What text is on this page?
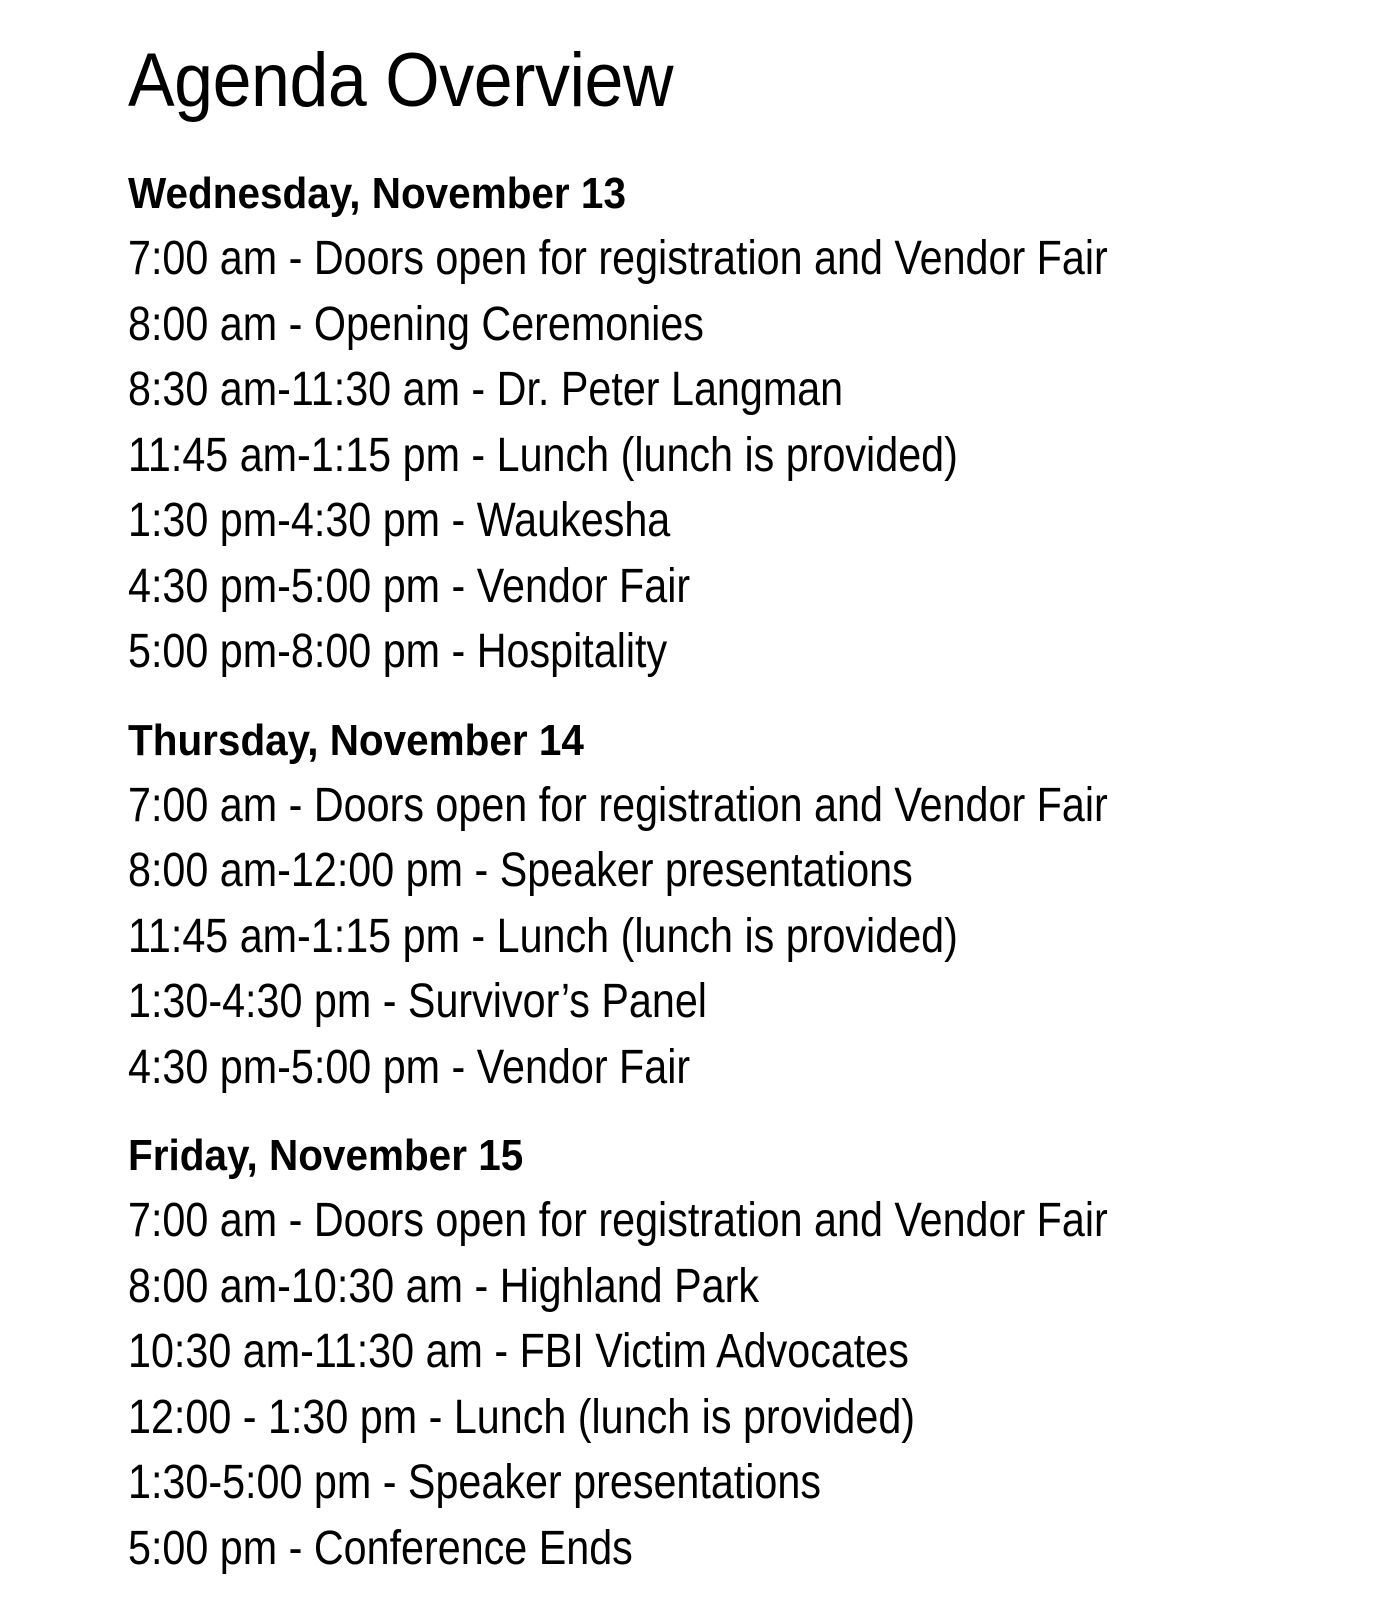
Agenda Overview
Wednesday, November 13
7:00 am - Doors open for registration and Vendor Fair
8:00 am - Opening Ceremonies
8:30 am-11:30 am - Dr. Peter Langman
11:45 am-1:15 pm - Lunch (lunch is provided)
1:30 pm-4:30 pm - Waukesha
4:30 pm-5:00 pm - Vendor Fair
5:00 pm-8:00 pm - Hospitality
Thursday, November 14
7:00 am - Doors open for registration and Vendor Fair
8:00 am-12:00 pm - Speaker presentations
11:45 am-1:15 pm - Lunch (lunch is provided)
1:30-4:30 pm - Survivor’s Panel
4:30 pm-5:00 pm - Vendor Fair
Friday, November 15
7:00 am - Doors open for registration and Vendor Fair
8:00 am-10:30 am - Highland Park
10:30 am-11:30 am - FBI Victim Advocates
12:00 - 1:30 pm - Lunch (lunch is provided)
1:30-5:00 pm - Speaker presentations
5:00 pm - Conference Ends
